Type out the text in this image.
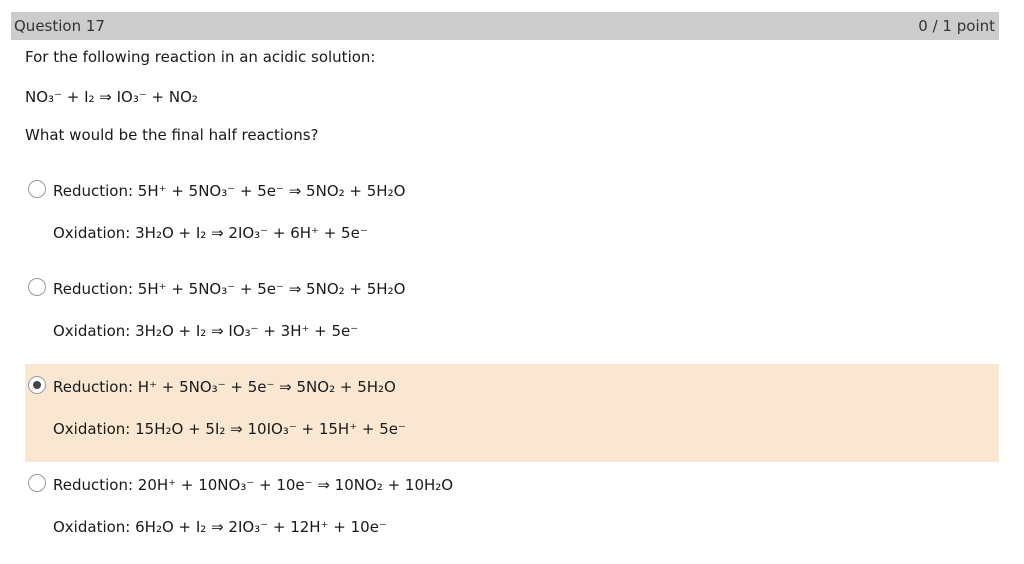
Question 17	0 / 1 point
For the following reaction in an acidic solution:
NO₃⁻ + I₂ ⇒ IO₃⁻ + NO₂
What would be the final half reactions?
Reduction: 5H⁺ + 5NO₃⁻ + 5e⁻ ⇒ 5NO₂ + 5H₂O
Oxidation: 3H₂O + I₂ ⇒ 2IO₃⁻ + 6H⁺ + 5e⁻
Reduction: 5H⁺ + 5NO₃⁻ + 5e⁻ ⇒ 5NO₂ + 5H₂O
Oxidation: 3H₂O + I₂ ⇒ IO₃⁻ + 3H⁺ + 5e⁻
Reduction: H⁺ + 5NO₃⁻ + 5e⁻ ⇒ 5NO₂ + 5H₂O
Oxidation: 15H₂O + 5I₂ ⇒ 10IO₃⁻ + 15H⁺ + 5e⁻
Reduction: 20H⁺ + 10NO₃⁻ + 10e⁻ ⇒ 10NO₂ + 10H₂O
Oxidation: 6H₂O + I₂ ⇒ 2IO₃⁻ + 12H⁺ + 10e⁻
